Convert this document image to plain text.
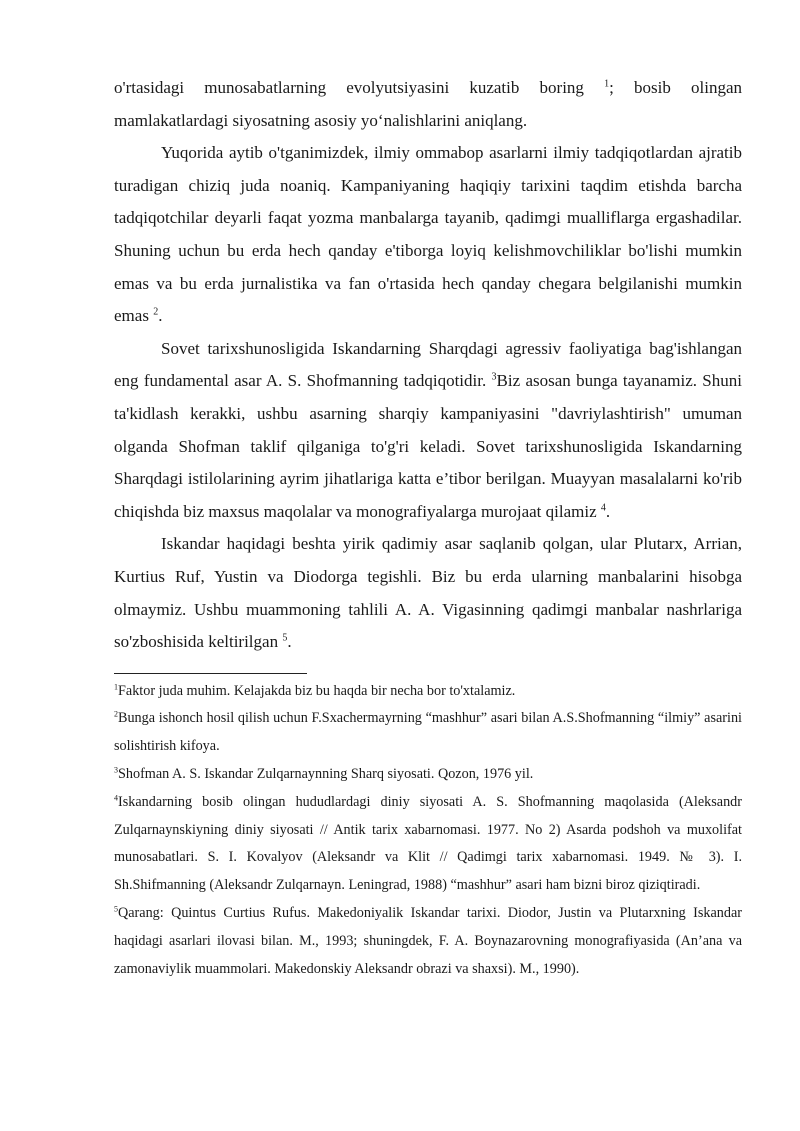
o'rtasidagi munosabatlarning evolyutsiyasini kuzatib boring $^1$; bosib olingan mamlakatlardagi siyosatning asosiy yo‘nalishlarini aniqlang.

Yuqorida aytib o'tganimizdek, ilmiy ommabop asarlarni ilmiy tadqiqotlardan ajratib turadigan chiziq juda noaniq. Kampaniyaning haqiqiy tarixini taqdim etishda barcha tadqiqotchilar deyarli faqat yozma manbalarga tayanib, qadimgi mualliflarga ergashadilar. Shuning uchun bu erda hech qanday e'tiborga loyiq kelishmovchiliklar bo'lishi mumkin emas va bu erda jurnalistika va fan o'rtasida hech qanday chegara belgilanishi mumkin emas $^2$.

Sovet tarixshunosligida Iskandarning Sharqdagi agressiv faoliyatiga bag'ishlangan eng fundamental asar A. S. Shofmanning tadqiqotidir. $^3$Biz asosan bunga tayanamiz. Shuni ta'kidlash kerakki, ushbu asarning sharqiy kampaniyasini "davriylashtirish" umuman olganda Shofman taklif qilganiga to'g'ri keladi. Sovet tarixshunosligida Iskandarning Sharqdagi istilolarining ayrim jihatlariga katta e’tibor berilgan. Muayyan masalalarni ko'rib chiqishda biz maxsus maqolalar va monografiyalarga murojaat qilamiz $^4$.

Iskandar haqidagi beshta yirik qadimiy asar saqlanib qolgan, ular Plutarx, Arrian, Kurtius Ruf, Yustin va Diodorga tegishli. Biz bu erda ularning manbalarini hisobga olmaymiz. Ushbu muammoning tahlili A. A. Vigasinning qadimgi manbalar nashrlariga so'zboshisida keltirilgan $^5$.

$^1$Faktor juda muhim. Kelajakda biz bu haqda bir necha bor to'xtalamiz.

$^2$Bunga ishonch hosil qilish uchun F.Sxachermayrning “mashhur” asari bilan A.S.Shofmanning “ilmiy” asarini solishtirish kifoya.

$^3$Shofman A. S. Iskandar Zulqarnaynning Sharq siyosati. Qozon, 1976 yil.

$^4$Iskandarning bosib olingan hududlardagi diniy siyosati A. S. Shofmanning maqolasida (Aleksandr Zulqarnaynskiyning diniy siyosati // Antik tarix xabarnomasi. 1977. No 2) Asarda podshoh va muxolifat munosabatlari. S. I. Kovalyov (Aleksandr va Klit // Qadimgi tarix xabarnomasi. 1949. № 3). I. Sh.Shifmanning (Aleksandr Zulqarnayn. Leningrad, 1988) “mashhur” asari ham bizni biroz qiziqtiradi.

$^5$Qarang: Quintus Curtius Rufus. Makedoniyalik Iskandar tarixi. Diodor, Justin va Plutarxning Iskandar haqidagi asarlari ilovasi bilan. M., 1993; shuningdek, F. A. Boynazarovning monografiyasida (An’ana va zamonaviylik muammolari. Makedonskiy Aleksandr obrazi va shaxsi). M., 1990).
